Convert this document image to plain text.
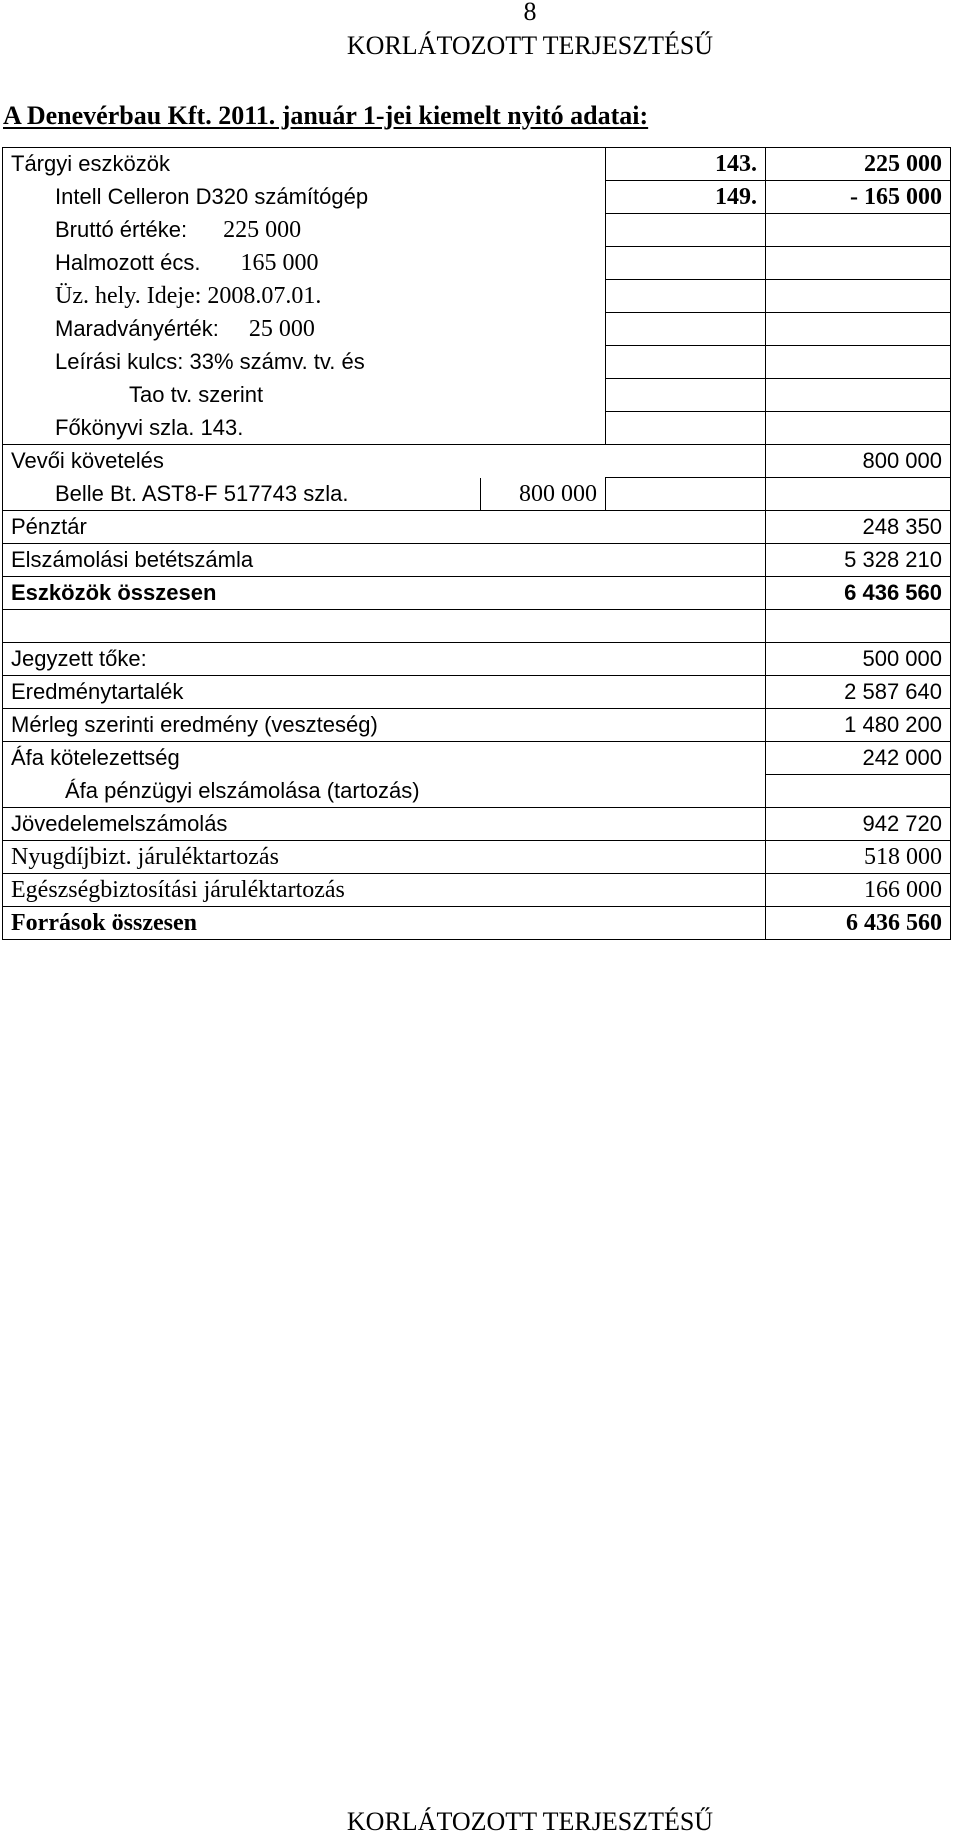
8
KORLÁTOZOTT TERJESZTÉSŰ
A Denevérbau Kft. 2011. január 1-jei kiemelt nyitó adatai:
Tárgyi eszközök	143.	225 000
Intell Celleron D320 számítógép	149.	- 165 000
Bruttó értéke: 225 000		
Halmozott écs. 165 000		
Üz. hely. Ideje: 2008.07.01.		
Maradványérték: 25 000		
Leírási kulcs: 33% számv. tv. és		
Tao tv. szerint		
Főkönyvi szla. 143.		
Vevői követelés		800 000

Belle Bt. AST8-F 517743 szla. 800 000		

Pénztár		248 350
Elszámolási betétszámla		5 328 210
Eszközök összesen		6 436 560

Jegyzett tőke:		500 000
Eredménytartalék		2 587 640
Mérleg szerinti eredmény (veszteség)		1 480 200
Áfa kötelezettség		242 000
Áfa pénzügyi elszámolása (tartozás)		
Jövedelemelszámolás		942 720
Nyugdíjbizt. járuléktartozás		518 000
Egészségbiztosítási járuléktartozás		166 000
Források összesen		6 436 560
KORLÁTOZOTT TERJESZTÉSŰ
